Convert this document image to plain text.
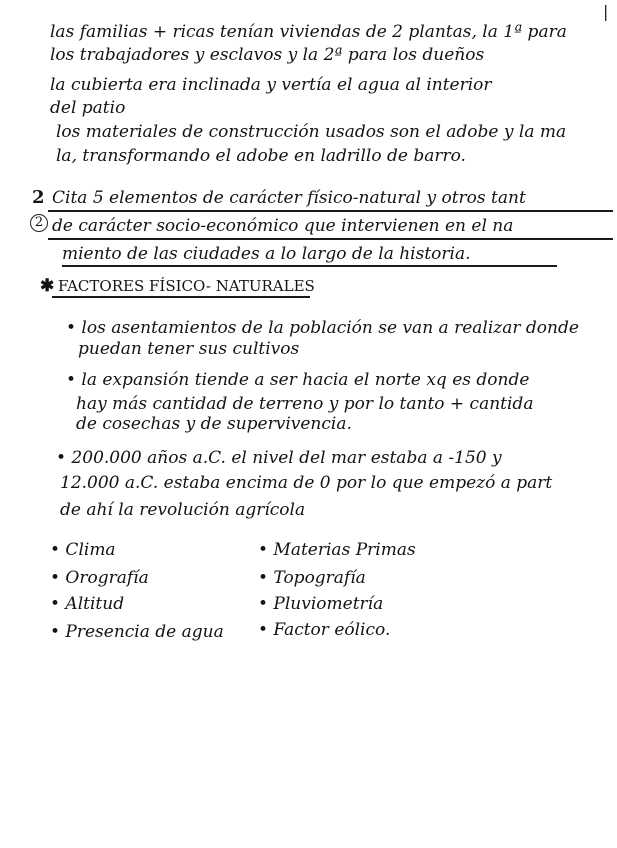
|
las familias + ricas tenían viviendas de 2 plantas, la 1ª para
los trabajadores y esclavos y la 2ª para los dueños
la cubierta era inclinada y vertía el agua al interior
del patio
los materiales de construcción usados son el adobe y la ma
la, transformando el adobe en ladrillo de barro.
2
2
Cita 5 elementos de carácter físico-natural y otros tant
de carácter socio-económico que intervienen en el na
miento de las ciudades a lo largo de la historia.
✱ FACTORES FÍSICO- NATURALES
• los asentamientos de la población se van a realizar donde
puedan tener sus cultivos
• la expansión tiende a ser hacia el norte xq es donde
hay más cantidad de terreno y por lo tanto + cantida
de cosechas y de supervivencia.
• 200.000 años a.C. el nivel del mar estaba a -150 y
12.000 a.C. estaba encima de 0 por lo que empezó a part
de ahí la revolución agrícola
• Clima
• Orografía
• Altitud
• Presencia de agua
• Materias Primas
• Topografía
• Pluviometría
• Factor eólico.
